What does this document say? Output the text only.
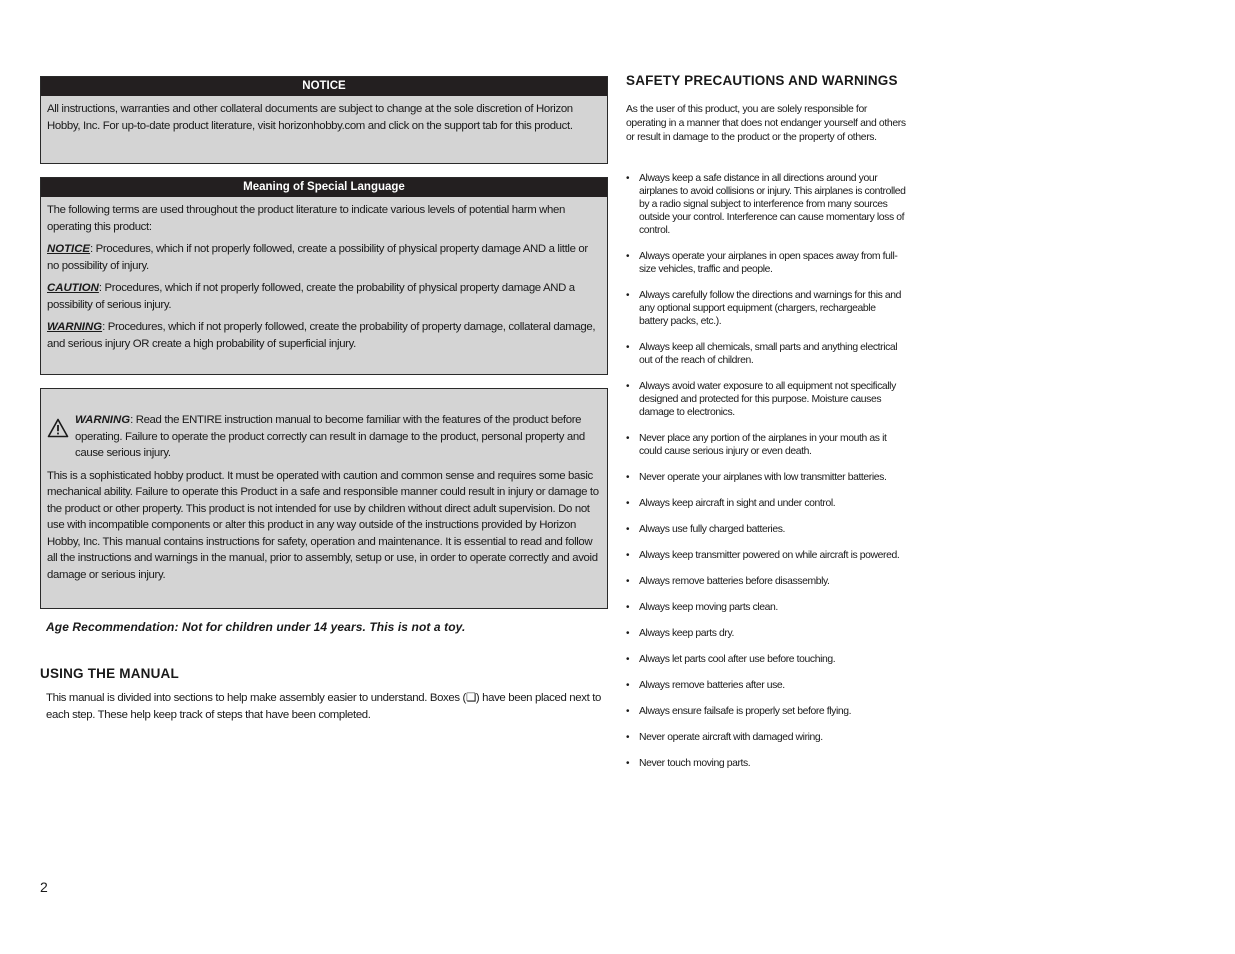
NOTICE

All instructions, warranties and other collateral documents are subject to change at the sole discretion of Horizon Hobby, Inc. For up-to-date product literature, visit horizonhobby.com and click on the support tab for this product.

Meaning of Special Language

The following terms are used throughout the product literature to indicate various levels of potential harm when operating this product:

NOTICE: Procedures, which if not properly followed, create a possibility of physical property damage AND a little or no possibility of injury.

CAUTION: Procedures, which if not properly followed, create the probability of physical property damage AND a possibility of serious injury.

WARNING: Procedures, which if not properly followed, create the probability of property damage, collateral damage, and serious injury OR create a high probability of superficial injury.

WARNING: Read the ENTIRE instruction manual to become familiar with the features of the product before operating. Failure to operate the product correctly can result in damage to the product, personal property and cause serious injury.

This is a sophisticated hobby product. It must be operated with caution and common sense and requires some basic mechanical ability. Failure to operate this Product in a safe and responsible manner could result in injury or damage to the product or other property. This product is not intended for use by children without direct adult supervision. Do not use with incompatible components or alter this product in any way outside of the instructions provided by Horizon Hobby, Inc. This manual contains instructions for safety, operation and maintenance. It is essential to read and follow all the instructions and warnings in the manual, prior to assembly, setup or use, in order to operate correctly and avoid damage or serious injury.

Age Recommendation: Not for children under 14 years. This is not a toy.
USING THE MANUAL

This manual is divided into sections to help make assembly easier to understand. Boxes (❏) have been placed next to each step. These help keep track of steps that have been completed.

SAFETY PRECAUTIONS AND WARNINGS

As the user of this product, you are solely responsible for operating in a manner that does not endanger yourself and others or result in damage to the product or the property of others.

• Always keep a safe distance in all directions around your airplanes to avoid collisions or injury. This airplanes is controlled by a radio signal subject to interference from many sources outside your control. Interference can cause momentary loss of control.
• Always operate your airplanes in open spaces away from full-size vehicles, traffic and people.
• Always carefully follow the directions and warnings for this and any optional support equipment (chargers, rechargeable battery packs, etc.).
• Always keep all chemicals, small parts and anything electrical out of the reach of children.
• Always avoid water exposure to all equipment not specifically designed and protected for this purpose. Moisture causes damage to electronics.
• Never place any portion of the airplanes in your mouth as it could cause serious injury or even death.
• Never operate your airplanes with low transmitter batteries.
• Always keep aircraft in sight and under control.
• Always use fully charged batteries.
• Always keep transmitter powered on while aircraft is powered.
• Always remove batteries before disassembly.
• Always keep moving parts clean.
• Always keep parts dry.
• Always let parts cool after use before touching.
• Always remove batteries after use.
• Always ensure failsafe is properly set before flying.
• Never operate aircraft with damaged wiring.
• Never touch moving parts.
2
